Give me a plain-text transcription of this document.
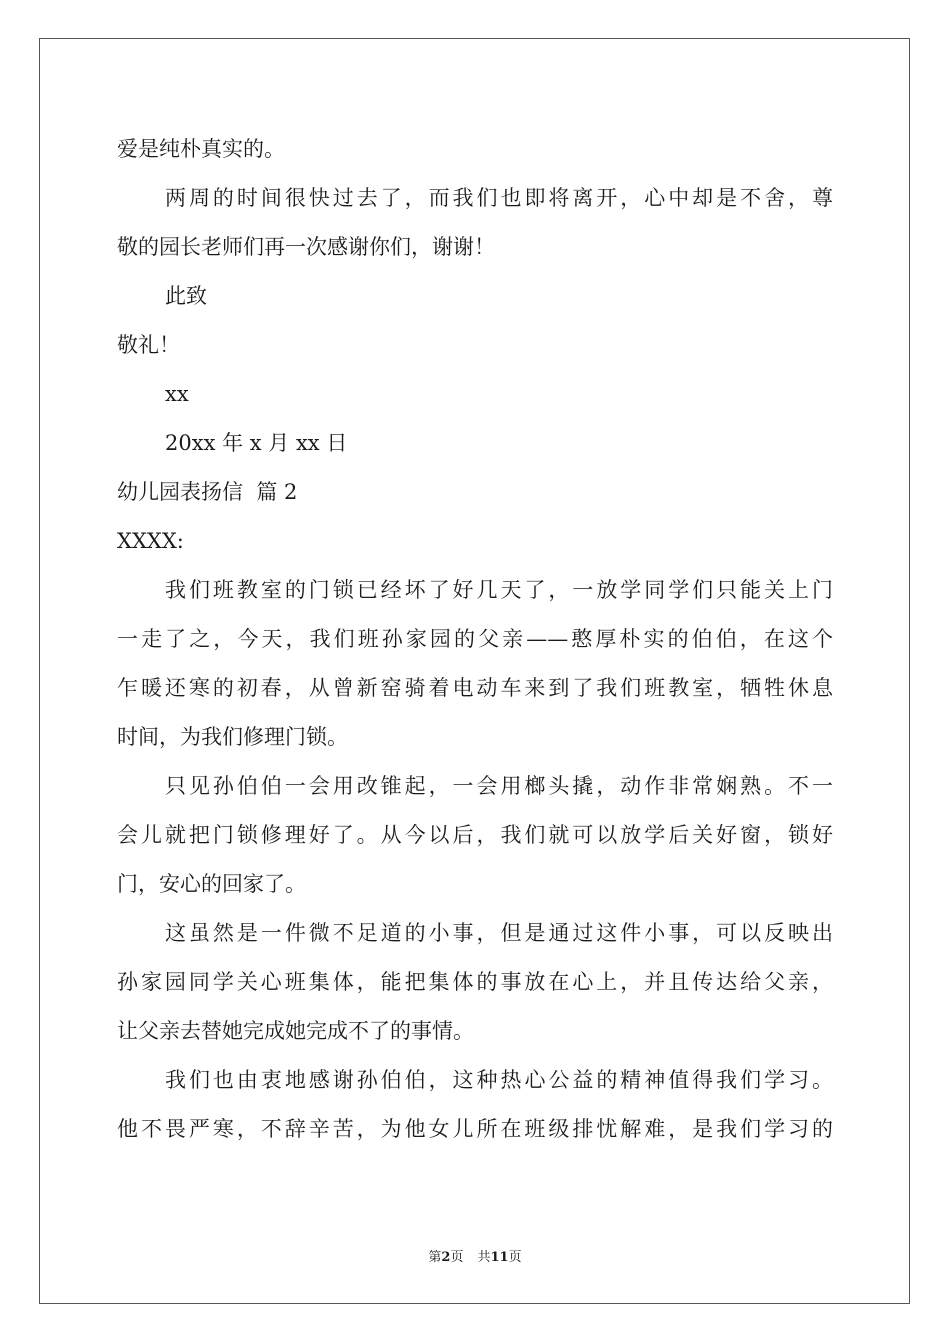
爱是纯朴真实的。
两周的时间很快过去了，而我们也即将离开，心中却是不舍，尊
敬的园长老师们再一次感谢你们，谢谢！
此致
敬礼！
xx
20xx 年 x 月 xx 日
幼儿园表扬信  篇 2
XXXX:
我们班教室的门锁已经坏了好几天了，一放学同学们只能关上门
一走了之，今天，我们班孙家园的父亲——憨厚朴实的伯伯，在这个
乍暖还寒的初春，从曾新窑骑着电动车来到了我们班教室，牺牲休息
时间，为我们修理门锁。
只见孙伯伯一会用改锥起，一会用榔头撬，动作非常娴熟。不一
会儿就把门锁修理好了。从今以后，我们就可以放学后关好窗，锁好
门，安心的回家了。
这虽然是一件微不足道的小事，但是通过这件小事，可以反映出
孙家园同学关心班集体，能把集体的事放在心上，并且传达给父亲，
让父亲去替她完成她完成不了的事情。
我们也由衷地感谢孙伯伯，这种热心公益的精神值得我们学习。
他不畏严寒，不辞辛苦，为他女儿所在班级排忧解难，是我们学习的
第2页 共11页
